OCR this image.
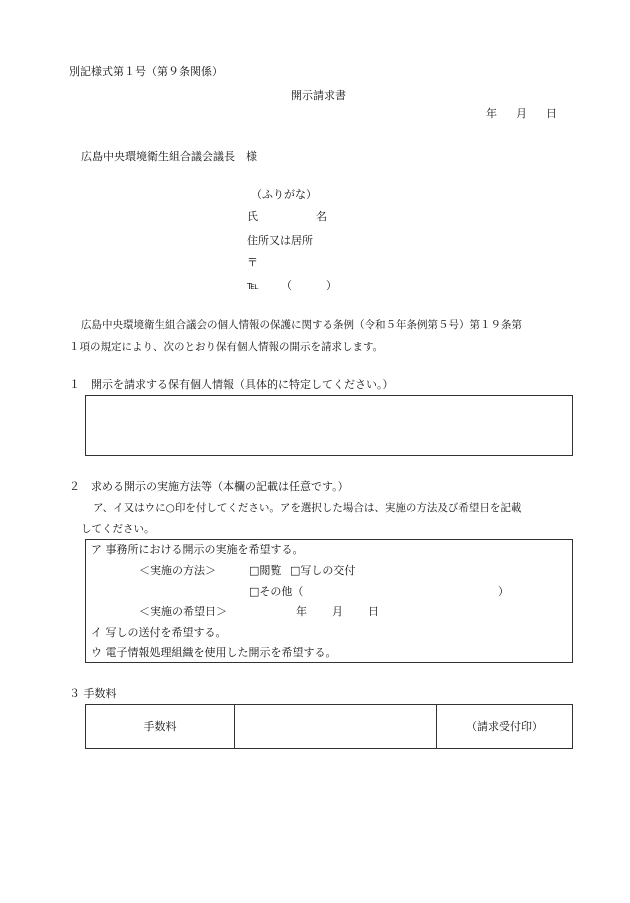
別記様式第１号（第９条関係）
開示請求書
年 月 日
広島中央環境衛生組合議会議長　様
（ふりがな）
氏	名
住所又は居所
〒
℡ （	）
広島中央環境衛生組合議会の個人情報の保護に関する条例（令和５年条例第５号）第１９条第
１項の規定により、次のとおり保有個人情報の開示を請求します。
１　開示を請求する保有個人情報（具体的に特定してください。）
２　求める開示の実施方法等（本欄の記載は任意です。）
ア、イ又はウに○印を付してください。アを選択した場合は、実施の方法及び希望日を記載
してください。
ア 事務所における開示の実施を希望する。
＜実施の方法＞	□閲覧 □写しの交付
□その他（	）
＜実施の希望日＞	年 月 日
イ 写しの送付を希望する。
ウ 電子情報処理組織を使用した開示を希望する。
３ 手数料
手数料	（請求受付印）
